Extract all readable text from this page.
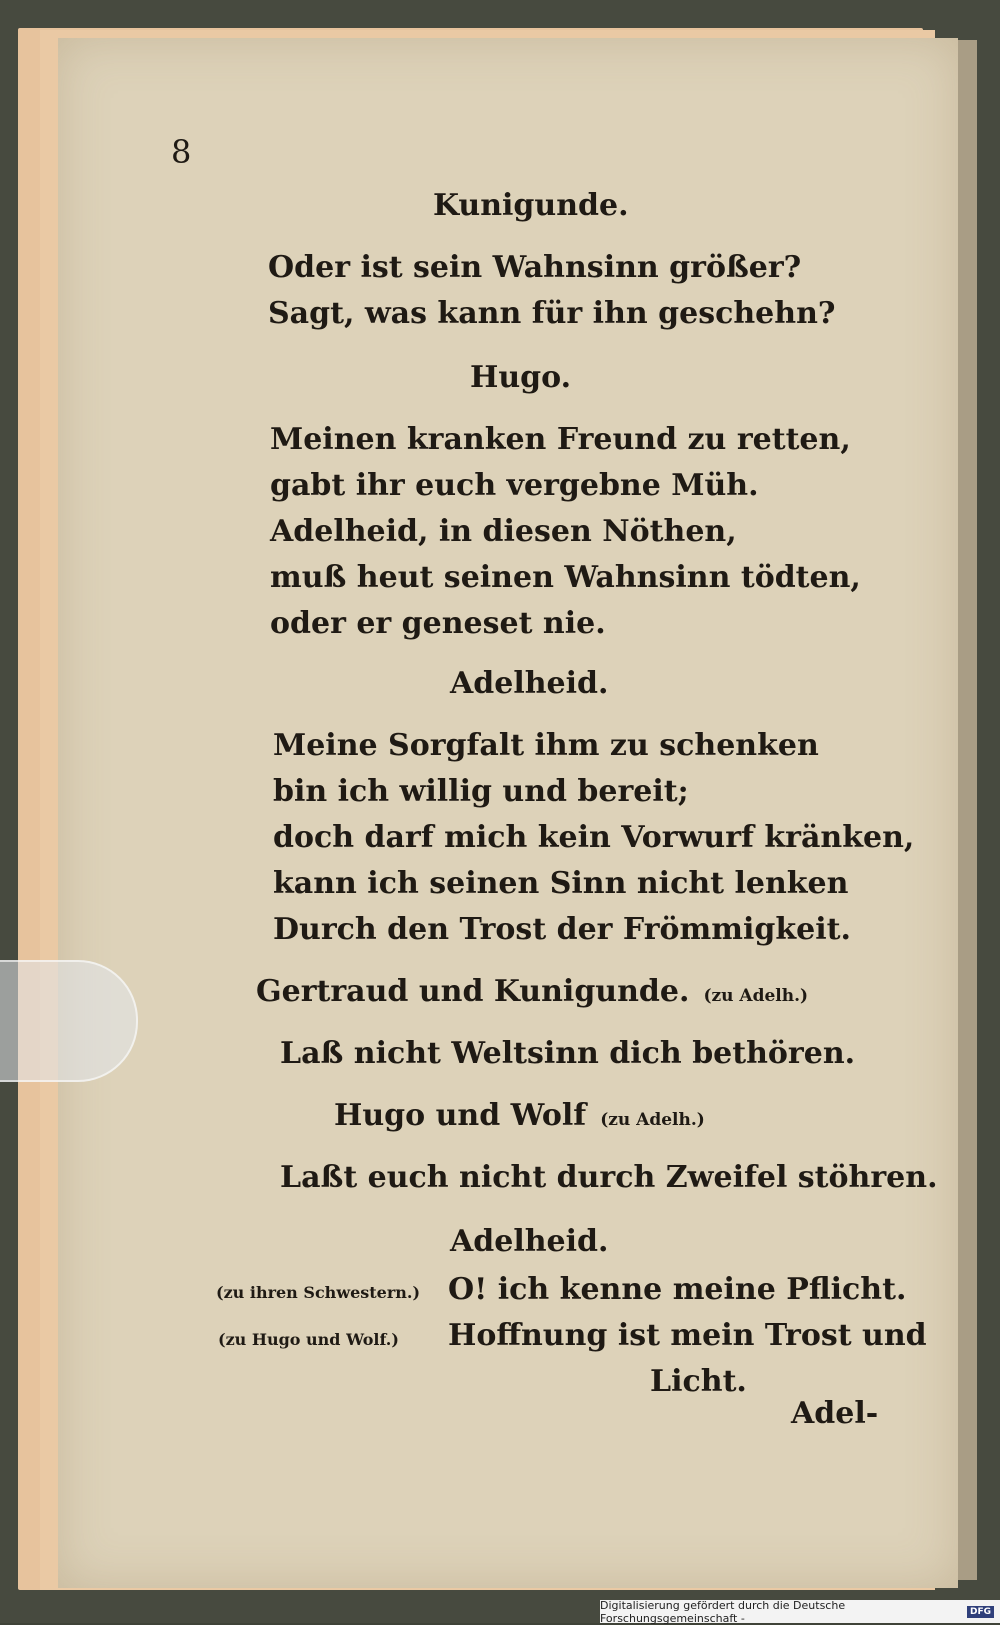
8
Kunigunde.
Oder ist sein Wahnsinn größer?
Sagt, was kann für ihn geschehn?
Hugo.
Meinen kranken Freund zu retten,
gabt ihr euch vergebne Müh.
Adelheid, in diesen Nöthen,
muß heut seinen Wahnsinn tödten,
oder er geneset nie.
Adelheid.
Meine Sorgfalt ihm zu schenken
bin ich willig und bereit;
doch darf mich kein Vorwurf kränken,
kann ich seinen Sinn nicht lenken
Durch den Trost der Frömmigkeit.
Gertraud und Kunigunde. (zu Adelh.)
Laß nicht Weltsinn dich bethören.
Hugo und Wolf (zu Adelh.)
Laßt euch nicht durch Zweifel stöhren.
Adelheid.
(zu ihren Schwestern.) O! ich kenne meine Pflicht.
(zu Hugo und Wolf.) Hoffnung ist mein Trost und
Licht.
Adel-
Digitalisierung gefördert durch die Deutsche Forschungsgemeinschaft -	DFG
